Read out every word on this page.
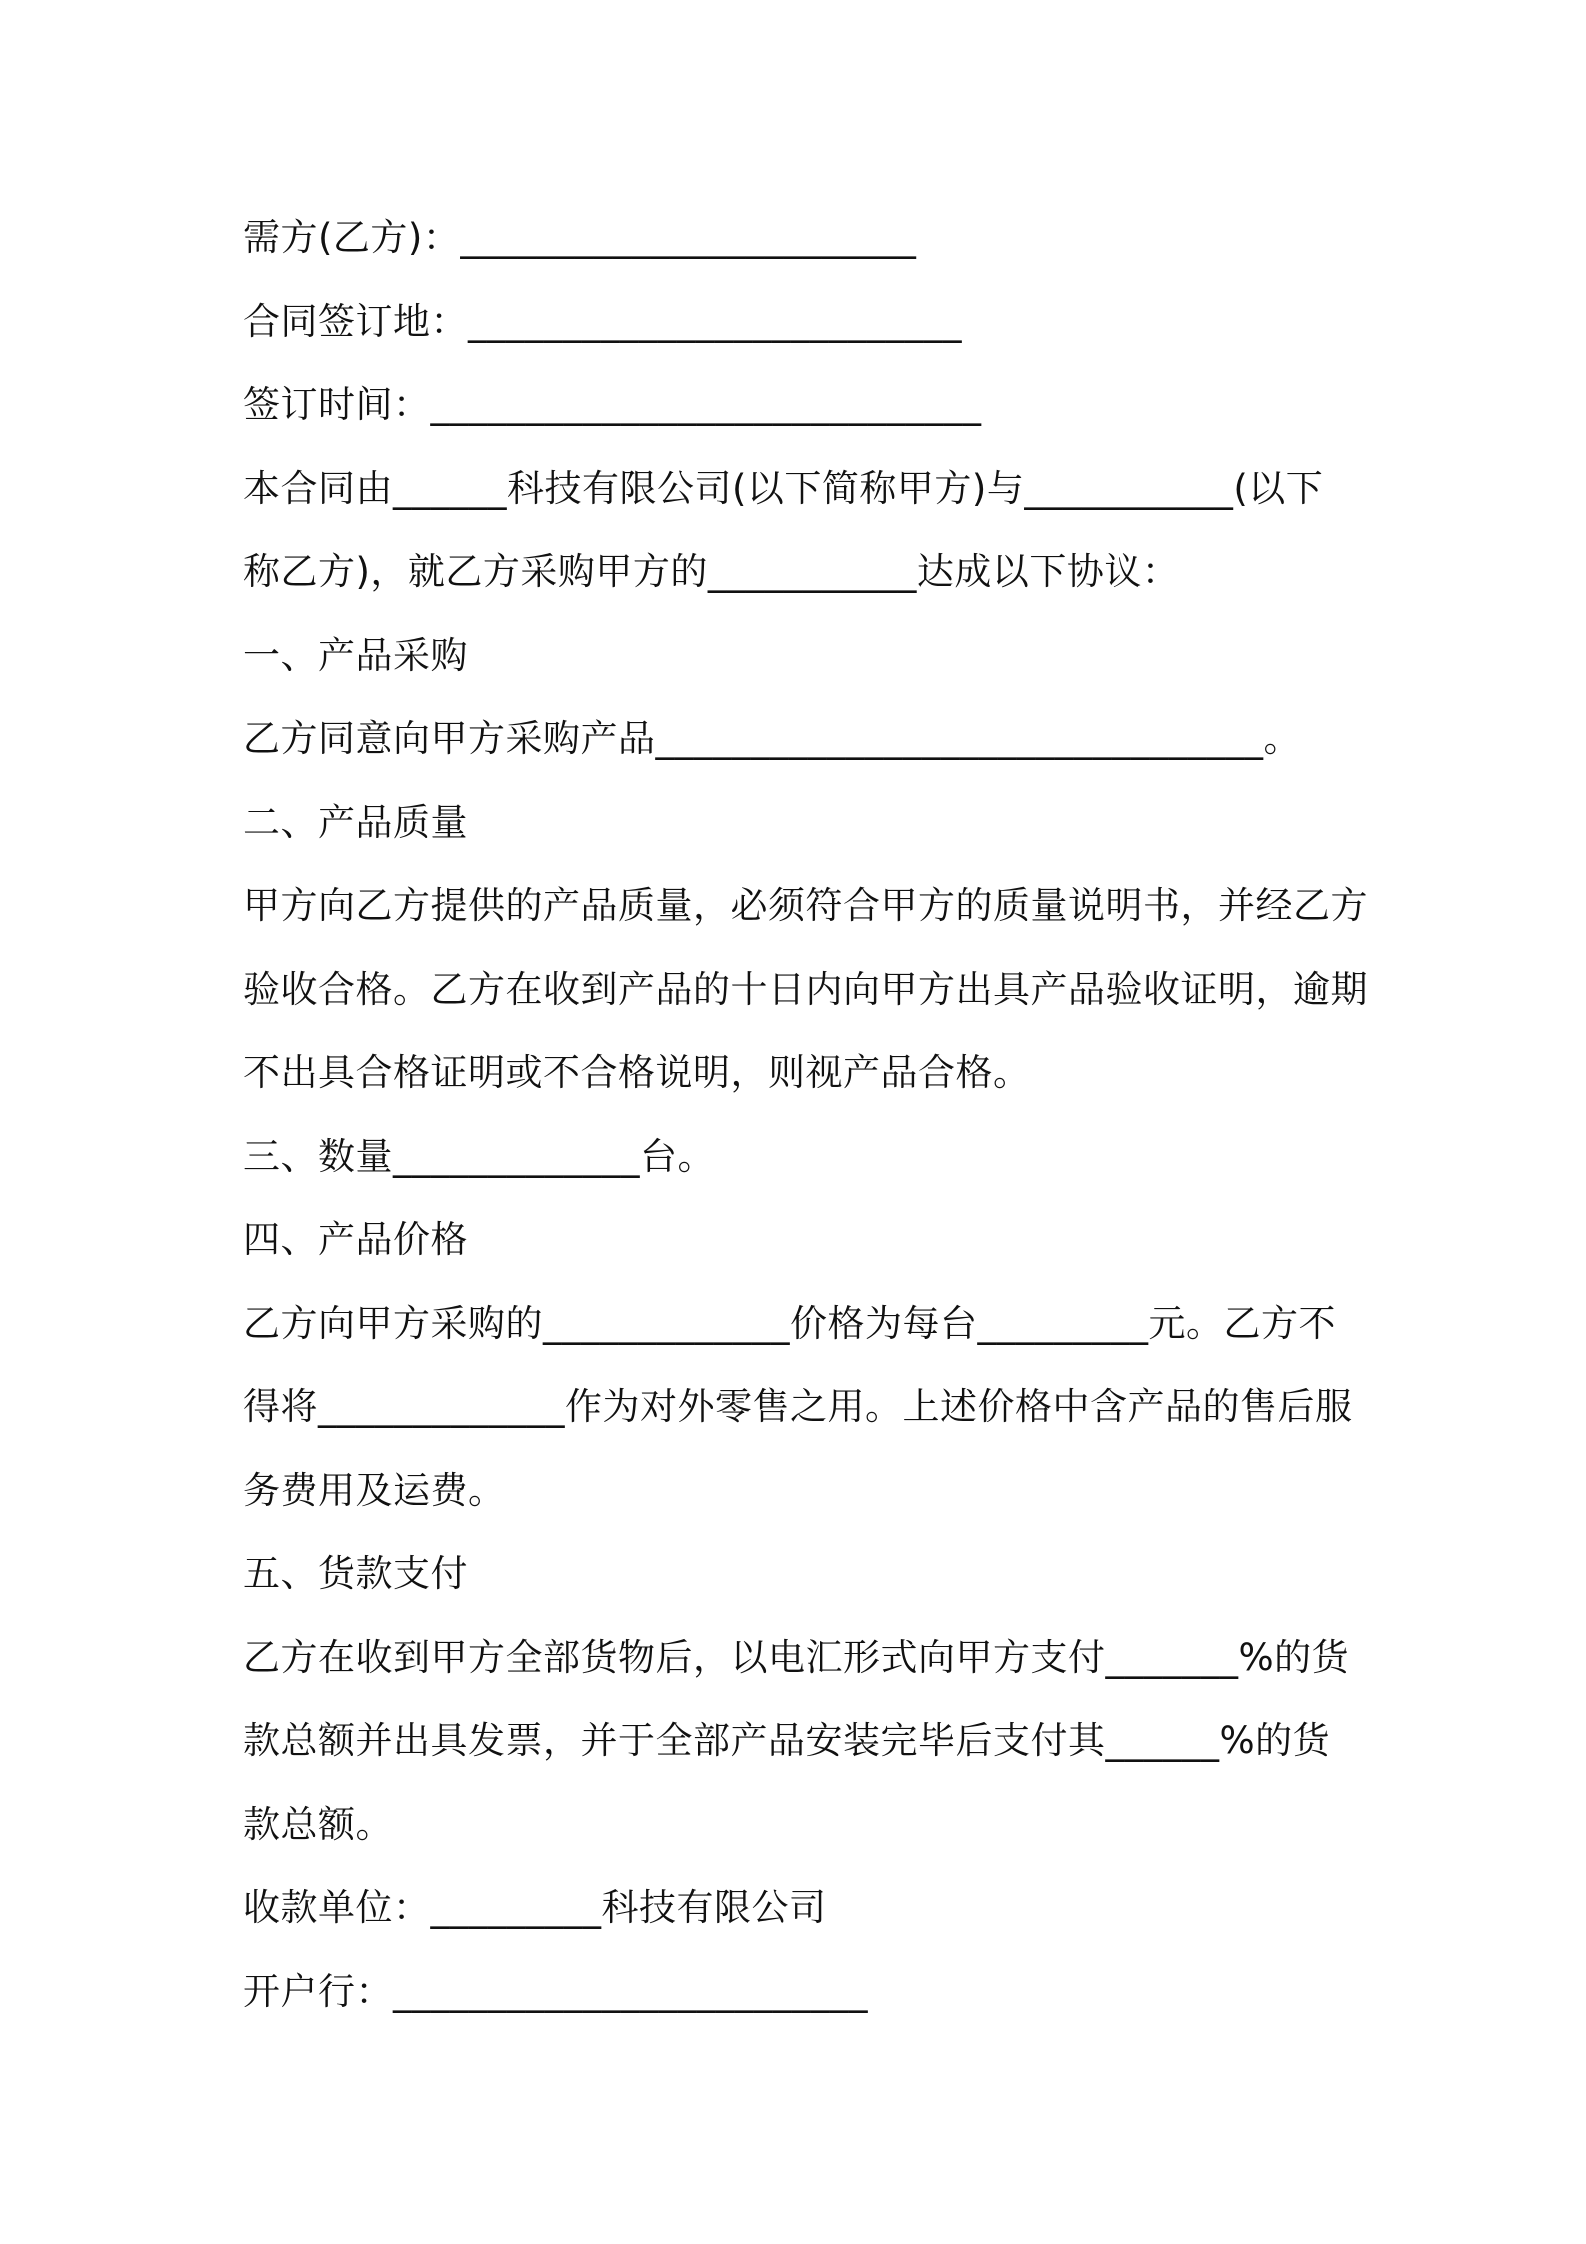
需方(乙方)：________________________

合同签订地：__________________________

签订时间：_____________________________

本合同由______科技有限公司(以下简称甲方)与___________(以下

称乙方)，就乙方采购甲方的___________达成以下协议：

一、产品采购

乙方同意向甲方采购产品________________________________。

二、产品质量

甲方向乙方提供的产品质量，必须符合甲方的质量说明书，并经乙方

验收合格。乙方在收到产品的十日内向甲方出具产品验收证明，逾期

不出具合格证明或不合格说明，则视产品合格。

三、数量_____________台。

四、产品价格

乙方向甲方采购的_____________价格为每台_________元。乙方不

得将_____________作为对外零售之用。上述价格中含产品的售后服

务费用及运费。

五、货款支付

乙方在收到甲方全部货物后，以电汇形式向甲方支付_______%的货

款总额并出具发票，并于全部产品安装完毕后支付其______%的货

款总额。

收款单位：_________科技有限公司

开户行：_________________________
